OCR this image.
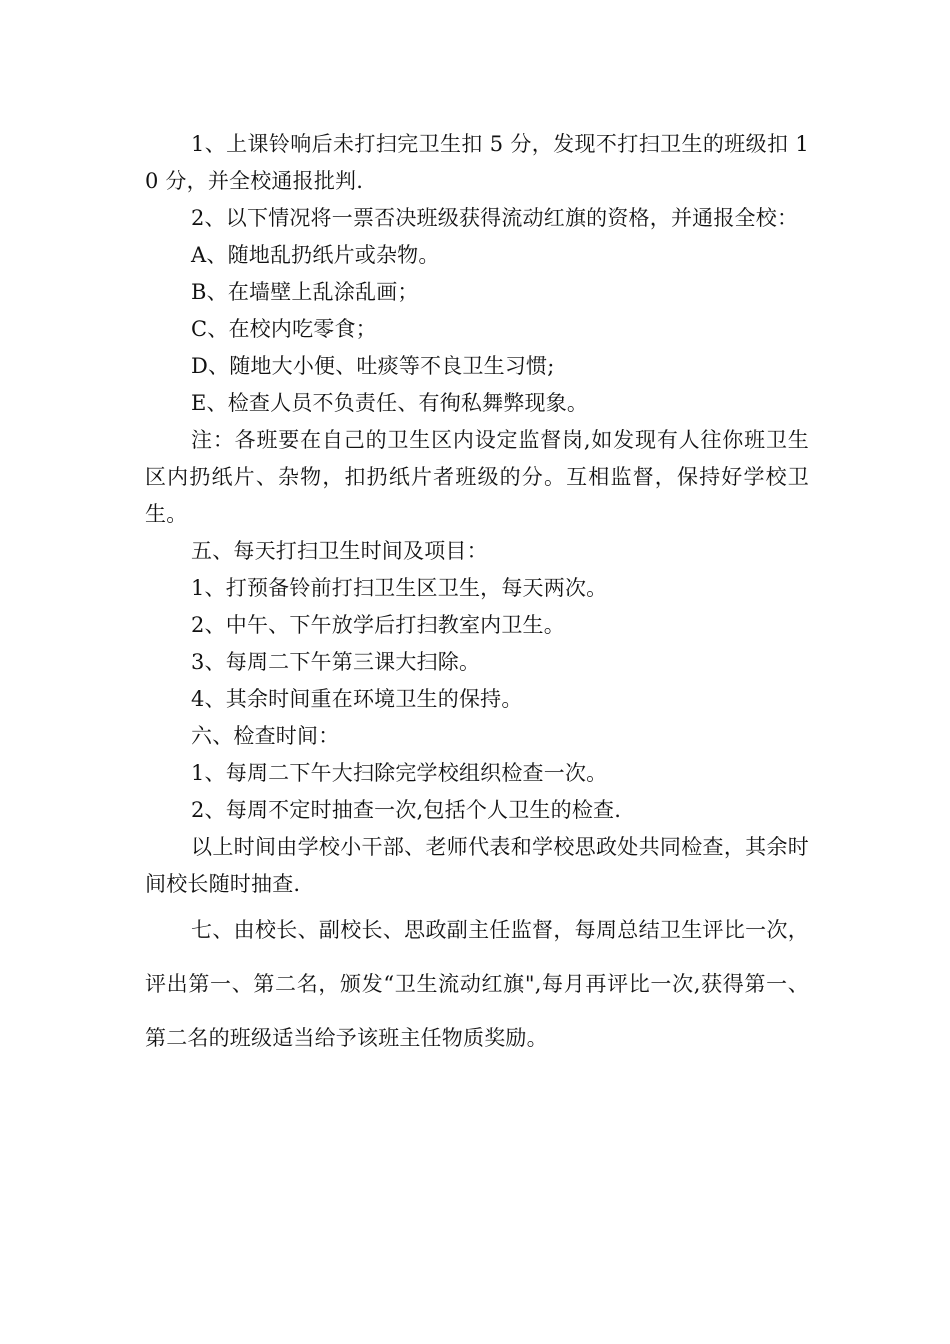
1、上课铃响后未打扫完卫生扣 5 分，发现不打扫卫生的班级扣 10 分，并全校通报批判.

2、以下情况将一票否决班级获得流动红旗的资格，并通报全校：

A、随地乱扔纸片或杂物。

B、在墙壁上乱涂乱画；

C、在校内吃零食；

D、随地大小便、吐痰等不良卫生习惯;

E、检查人员不负责任、有徇私舞弊现象。

注：各班要在自己的卫生区内设定监督岗,如发现有人往你班卫生区内扔纸片、杂物，扣扔纸片者班级的分。互相监督，保持好学校卫生。

五、每天打扫卫生时间及项目：

1、打预备铃前打扫卫生区卫生，每天两次。

2、中午、下午放学后打扫教室内卫生。

3、每周二下午第三课大扫除。

4、其余时间重在环境卫生的保持。

六、检查时间：

1、每周二下午大扫除完学校组织检查一次。

2、每周不定时抽查一次,包括个人卫生的检查.

以上时间由学校小干部、老师代表和学校思政处共同检查，其余时间校长随时抽查.

七、由校长、副校长、思政副主任监督，每周总结卫生评比一次，评出第一、第二名，颁发“卫生流动红旗",每月再评比一次,获得第一、第二名的班级适当给予该班主任物质奖励。
